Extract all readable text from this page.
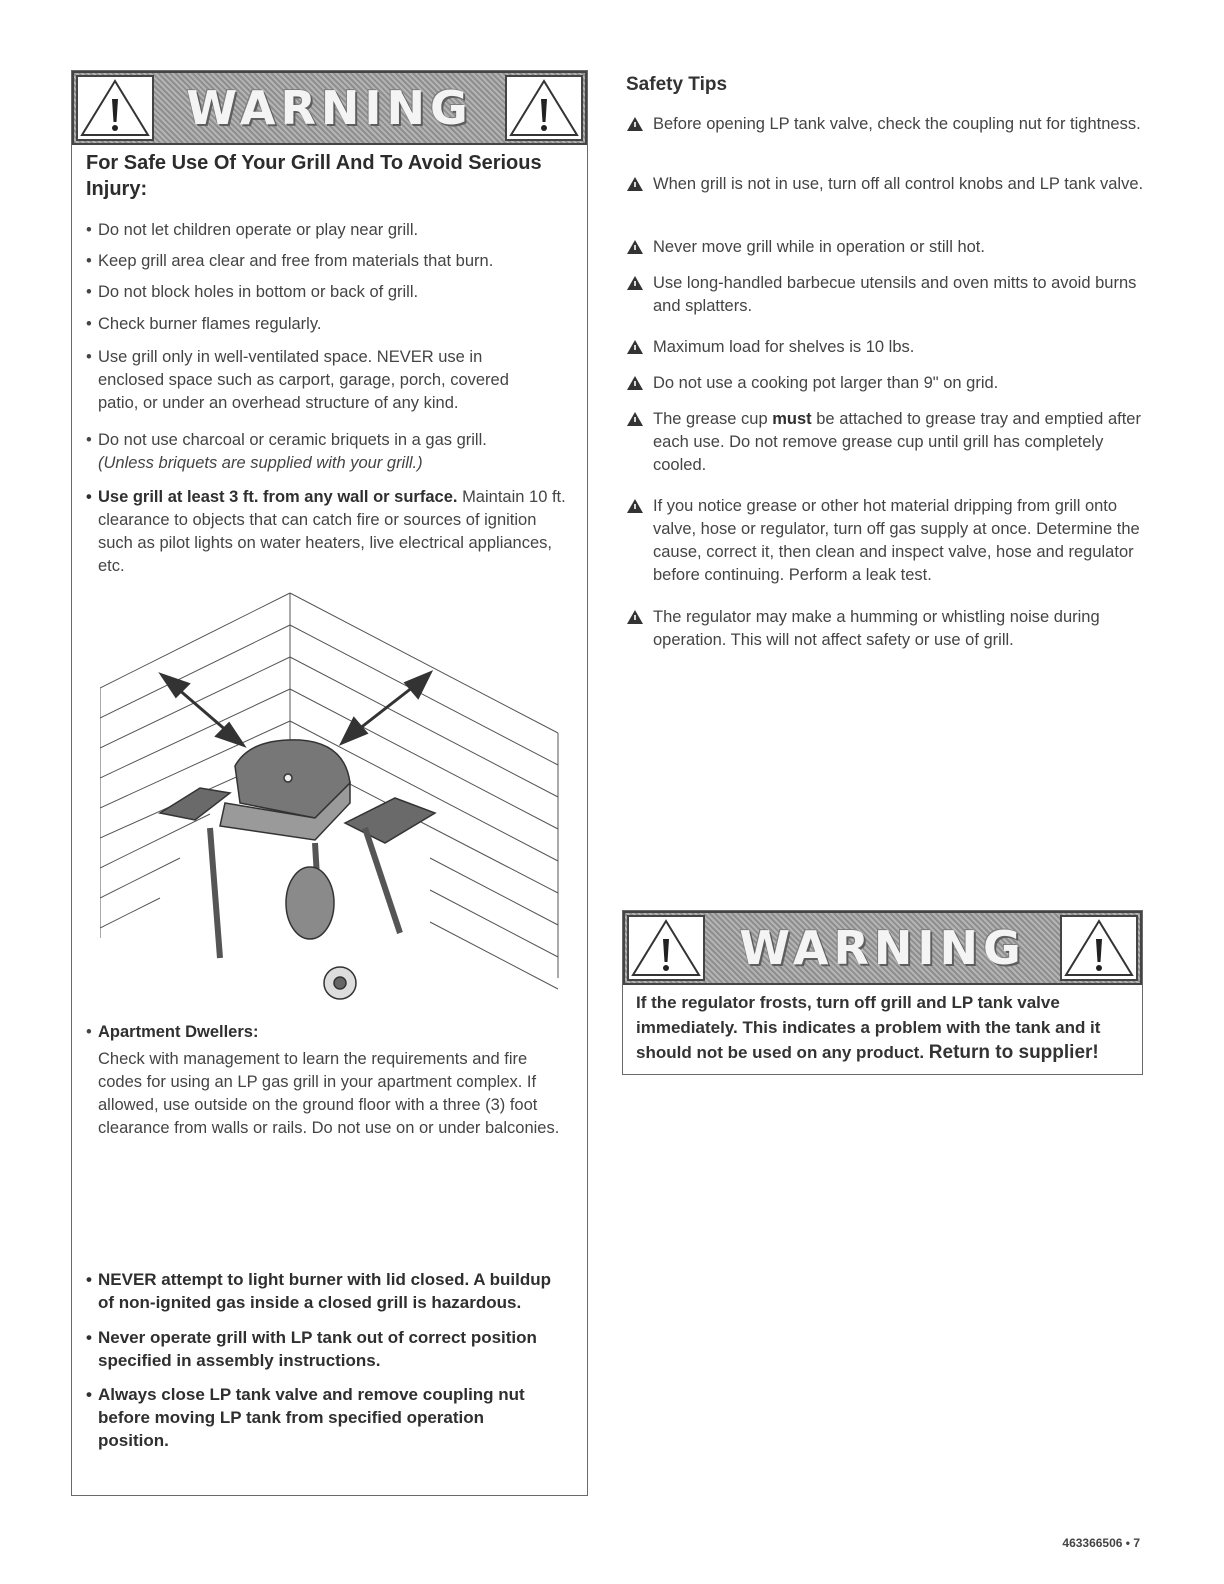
WARNING
For Safe Use Of Your Grill And To Avoid Serious Injury:
• Do not let children operate or play near grill.
• Keep grill area clear and free from materials that burn.
• Do not block holes in bottom or back of grill.
• Check burner flames regularly.
• Use grill only in well-ventilated space. NEVER use in enclosed space such as carport, garage, porch, covered patio, or under an overhead structure of any kind.
• Do not use charcoal or ceramic briquets in a gas grill.
(Unless briquets are supplied with your grill.)
• Use grill at least 3 ft. from any wall or surface. Maintain 10 ft. clearance to objects that can catch fire or sources of ignition such as pilot lights on water heaters, live electrical appliances, etc.
• Apartment Dwellers:
Check with management to learn the requirements and fire codes for using an LP gas grill in your apartment complex. If allowed, use outside on the ground floor with a three (3) foot clearance from walls or rails. Do not use on or under balconies.
• NEVER attempt to light burner with lid closed. A buildup of non-ignited gas inside a closed grill is hazardous.
• Never operate grill with LP tank out of correct position specified in assembly instructions.
• Always close LP tank valve and remove coupling nut before moving LP tank from specified operation position.
Safety Tips
Before opening LP tank valve, check the coupling nut for tightness.
When grill is not in use, turn off all control knobs and LP tank valve.
Never move grill while in operation or still hot.
Use long-handled barbecue utensils and oven mitts to avoid burns and splatters.
Maximum load for shelves is 10 lbs.
Do not use a cooking pot larger than 9" on grid.
The grease cup must be attached to grease tray and emptied after each use. Do not remove grease cup until grill has completely cooled.
If you notice grease or other hot material dripping from grill onto valve, hose or regulator, turn off gas supply at once. Determine the cause, correct it, then clean and inspect valve, hose and regulator before continuing. Perform a leak test.
The regulator may make a humming or whistling noise during operation. This will not affect safety or use of grill.
WARNING
If the regulator frosts, turn off grill and LP tank valve immediately. This indicates a problem with the tank and it should not be used on any product. Return to supplier!
463366506 • 7
